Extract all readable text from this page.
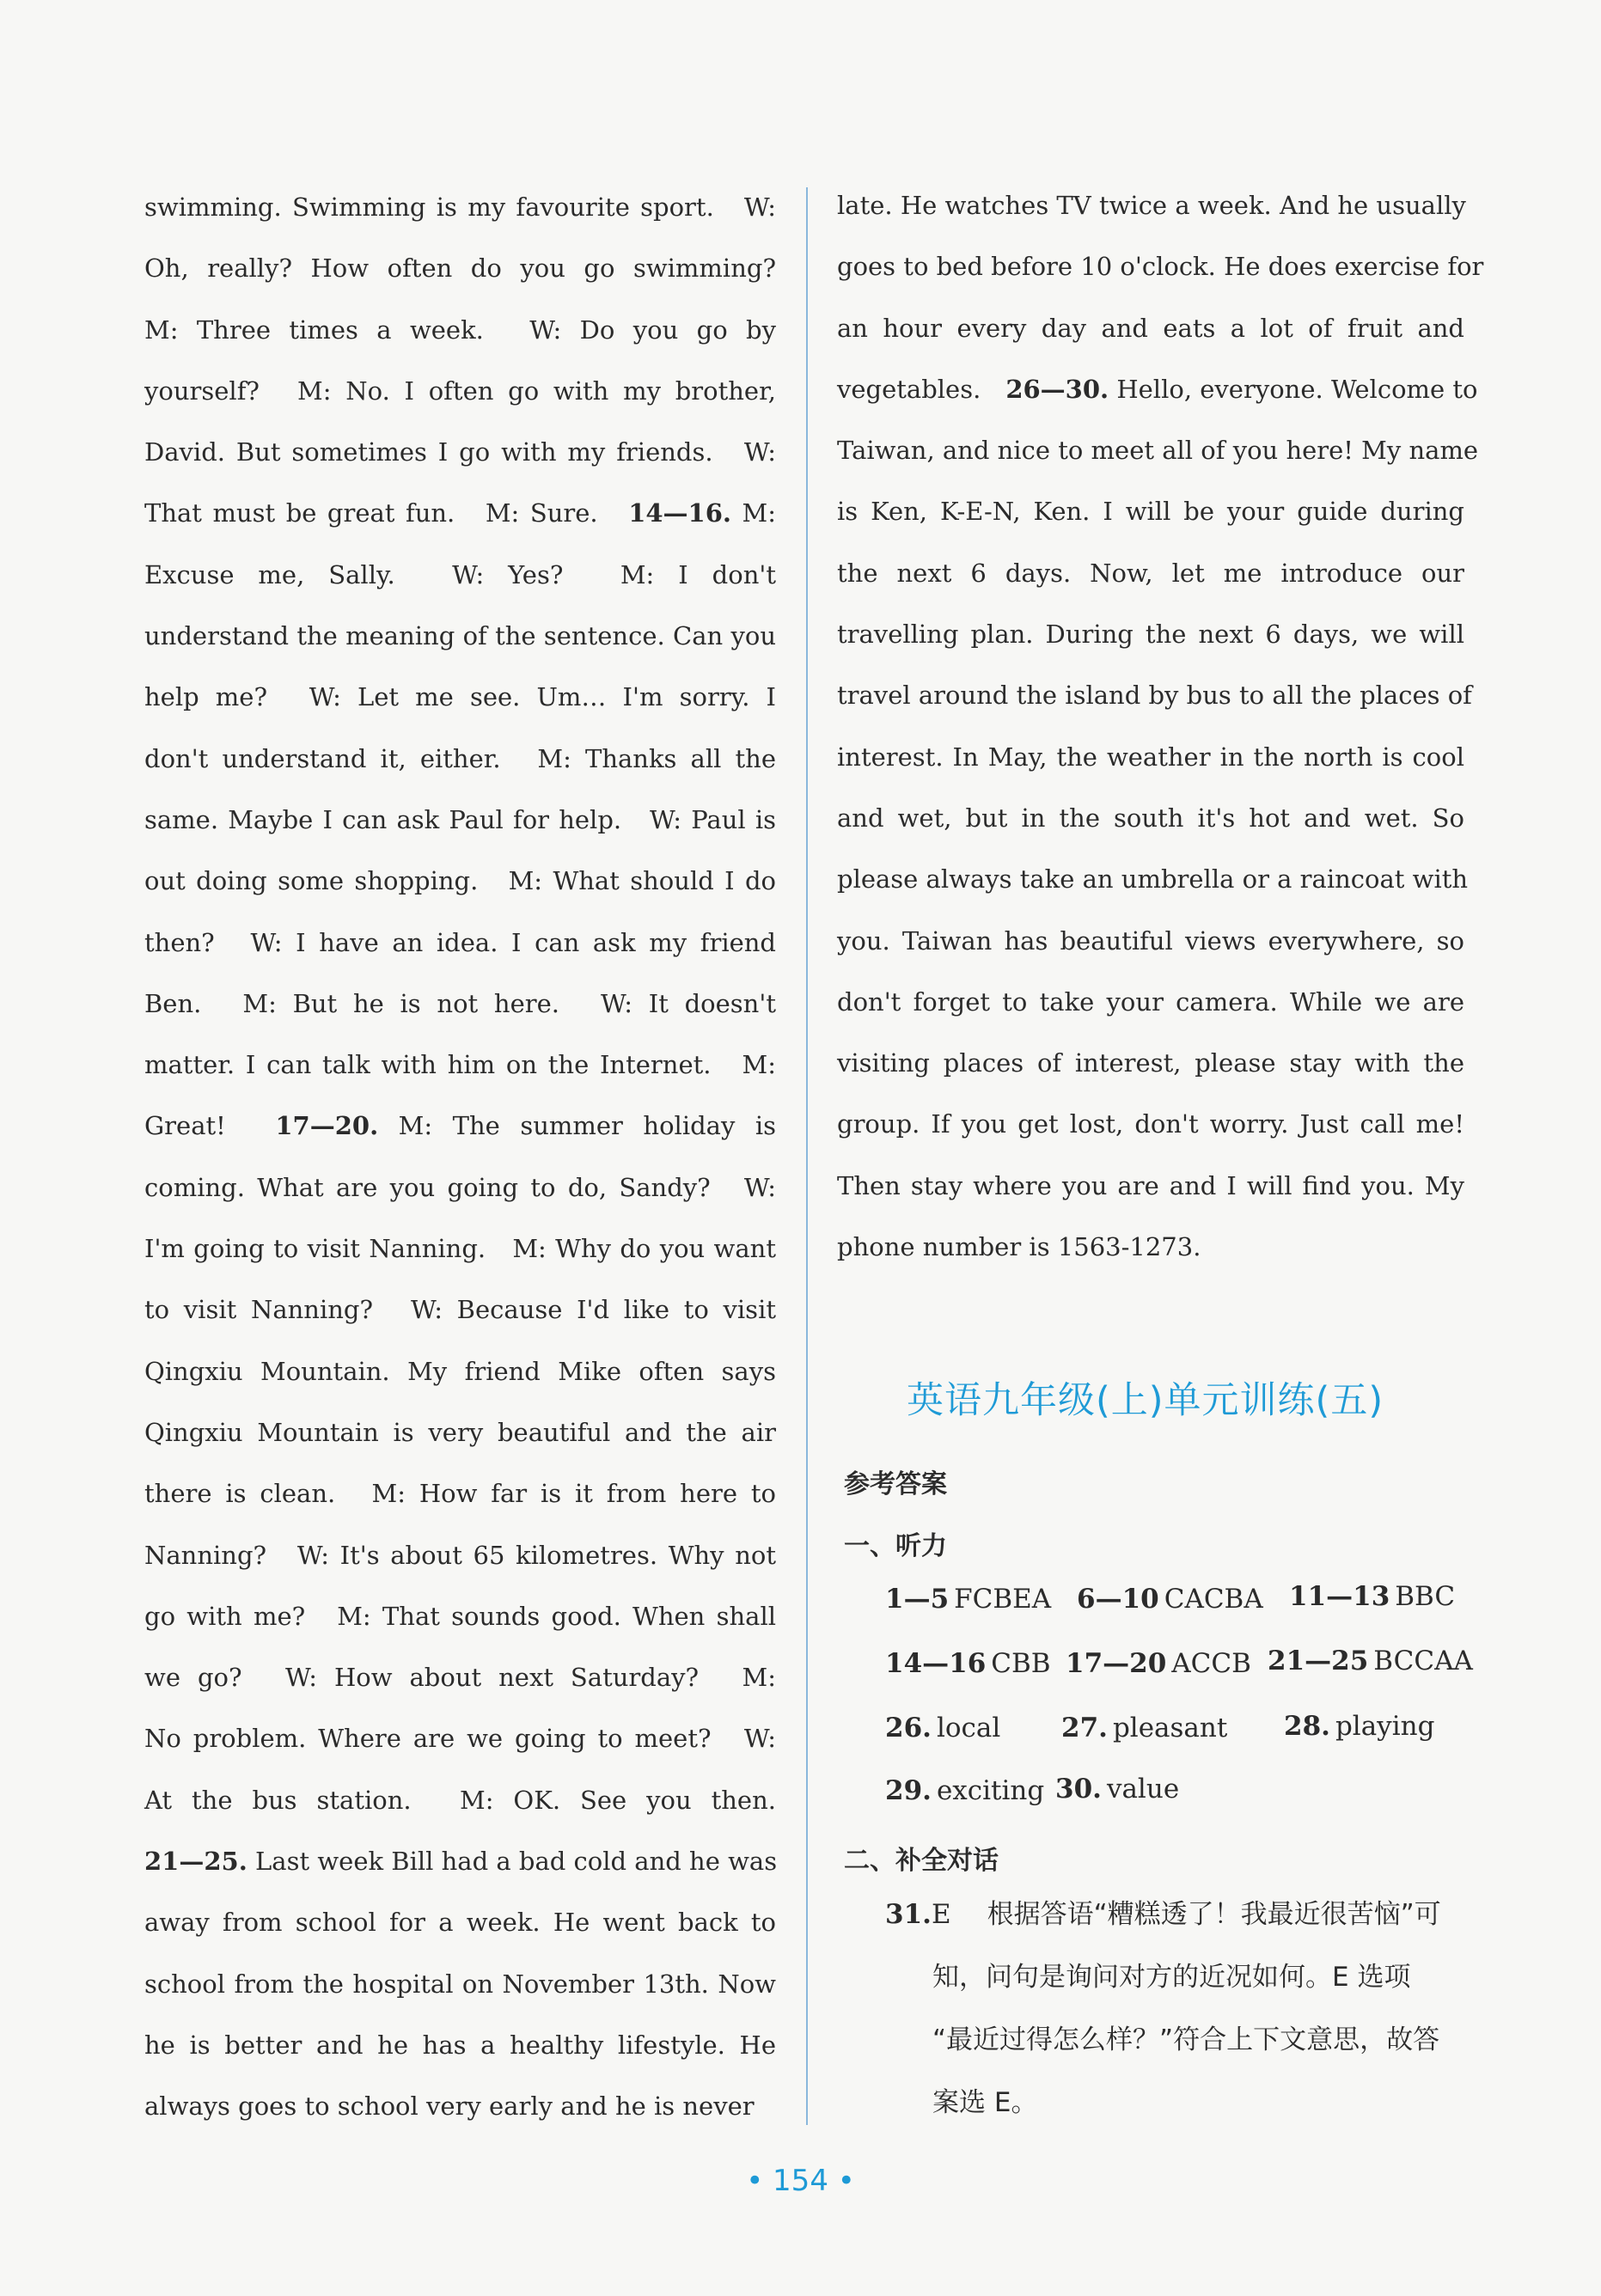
swimming. Swimming is my favourite sport.　W:

Oh, really? How often do you go swimming?

M: Three times a week.　W: Do you go by

yourself?　M: No. I often go with my brother,

David. But sometimes I go with my friends.　W:

That must be great fun.　M: Sure.　14—16. M:

Excuse me, Sally.　W: Yes?　M: I don't

understand the meaning of the sentence. Can you

help me?　W: Let me see. Um… I'm sorry. I

don't understand it, either.　M: Thanks all the

same. Maybe I can ask Paul for help.　W: Paul is

out doing some shopping.　M: What should I do

then?　W: I have an idea. I can ask my friend

Ben.　M: But he is not here.　W: It doesn't

matter. I can talk with him on the Internet.　M:

Great!　17—20. M: The summer holiday is

coming. What are you going to do, Sandy?　W:

I'm going to visit Nanning.　M: Why do you want

to visit Nanning?　W: Because I'd like to visit

Qingxiu Mountain. My friend Mike often says

Qingxiu Mountain is very beautiful and the air

there is clean.　M: How far is it from here to

Nanning?　W: It's about 65 kilometres. Why not

go with me?　M: That sounds good. When shall

we go?　W: How about next Saturday?　M:

No problem. Where are we going to meet?　W:

At the bus station.　M: OK. See you then.

21—25. Last week Bill had a bad cold and he was

away from school for a week. He went back to

school from the hospital on November 13th. Now

he is better and he has a healthy lifestyle. He

always goes to school very early and he is never

late. He watches TV twice a week. And he usually

goes to bed before 10 o'clock. He does exercise for

an hour every day and eats a lot of fruit and

vegetables.　26—30. Hello, everyone. Welcome to

Taiwan, and nice to meet all of you here! My name

is Ken, K-E-N, Ken. I will be your guide during

the next 6 days. Now, let me introduce our

travelling plan. During the next 6 days, we will

travel around the island by bus to all the places of

interest. In May, the weather in the north is cool

and wet, but in the south it's hot and wet. So

please always take an umbrella or a raincoat with

you. Taiwan has beautiful views everywhere, so

don't forget to take your camera. While we are

visiting places of interest, please stay with the

group. If you get lost, don't worry. Just call me!

Then stay where you are and I will find you. My

phone number is 1563-1273.

英语九年级(上)单元训练(五)
参考答案
一、听力
1—5 FCBEA 6—10 CACBA 11—13 BBC
14—16 CBB 17—20 ACCB 21—25 BCCAA
26. local 27. pleasant 28. playing
29. exciting 30. value
二、补全对话
31.E 根据答语“糟糕透了！我最近很苦恼”可
知，问句是询问对方的近况如何。E 选项
“最近过得怎么样？”符合上下文意思，故答
案选 E。
• 154 •
